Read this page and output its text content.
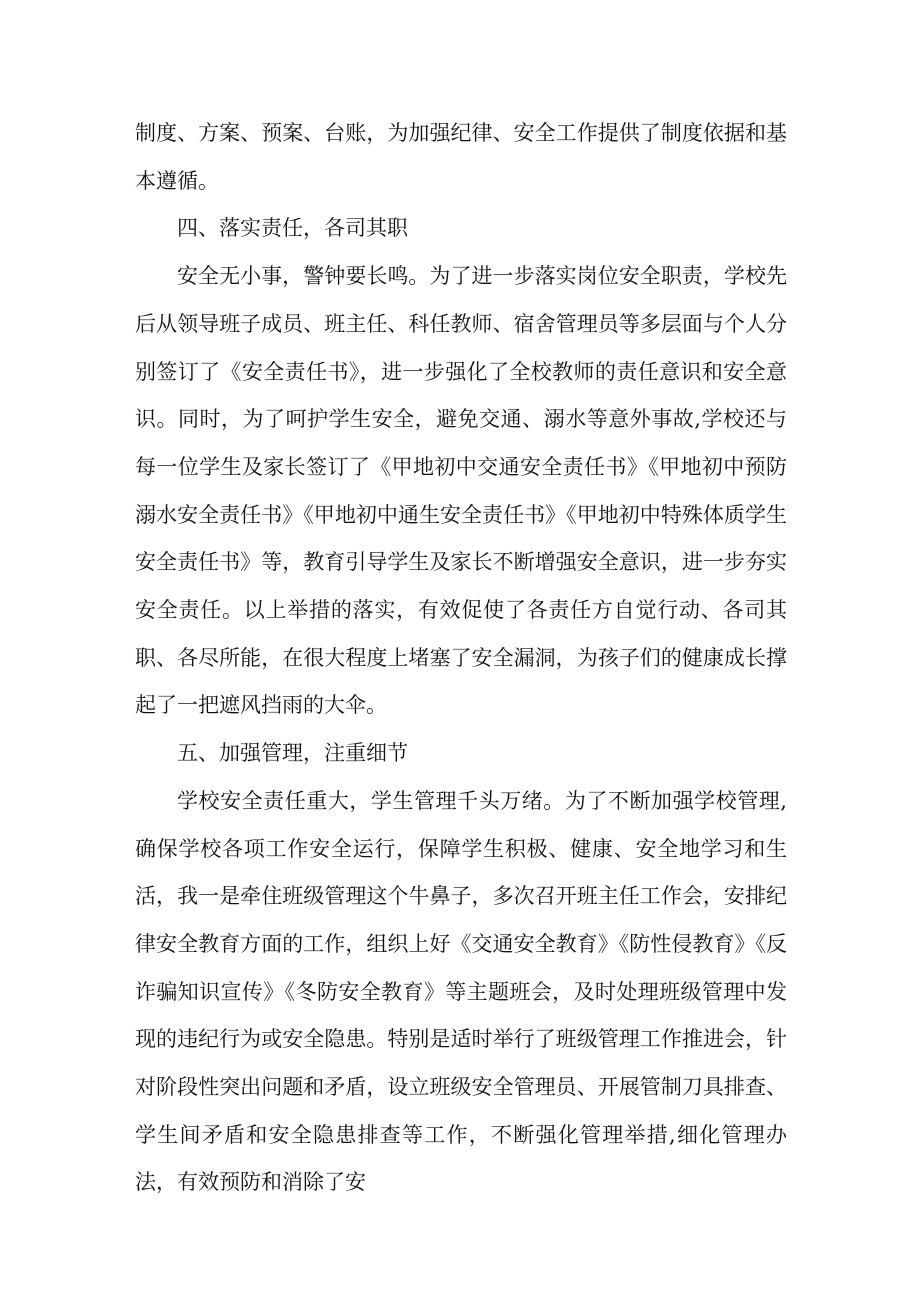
制度、方案、预案、台账，为加强纪律、安全工作提供了制度依据和基本遵循。

四、落实责任，各司其职

安全无小事，警钟要长鸣。为了进一步落实岗位安全职责，学校先后从领导班子成员、班主任、科任教师、宿舍管理员等多层面与个人分别签订了《安全责任书》，进一步强化了全校教师的责任意识和安全意识。同时，为了呵护学生安全，避免交通、溺水等意外事故,学校还与每一位学生及家长签订了《甲地初中交通安全责任书》《甲地初中预防溺水安全责任书》《甲地初中通生安全责任书》《甲地初中特殊体质学生安全责任书》等，教育引导学生及家长不断增强安全意识，进一步夯实安全责任。以上举措的落实，有效促使了各责任方自觉行动、各司其职、各尽所能，在很大程度上堵塞了安全漏洞，为孩子们的健康成长撑起了一把遮风挡雨的大伞。

五、加强管理，注重细节

学校安全责任重大，学生管理千头万绪。为了不断加强学校管理,确保学校各项工作安全运行，保障学生积极、健康、安全地学习和生活，我一是牵住班级管理这个牛鼻子，多次召开班主任工作会，安排纪律安全教育方面的工作，组织上好《交通安全教育》《防性侵教育》《反诈骗知识宣传》《冬防安全教育》等主题班会，及时处理班级管理中发现的违纪行为或安全隐患。特别是适时举行了班级管理工作推进会，针对阶段性突出问题和矛盾，设立班级安全管理员、开展管制刀具排查、学生间矛盾和安全隐患排查等工作，不断强化管理举措,细化管理办法，有效预防和消除了安
